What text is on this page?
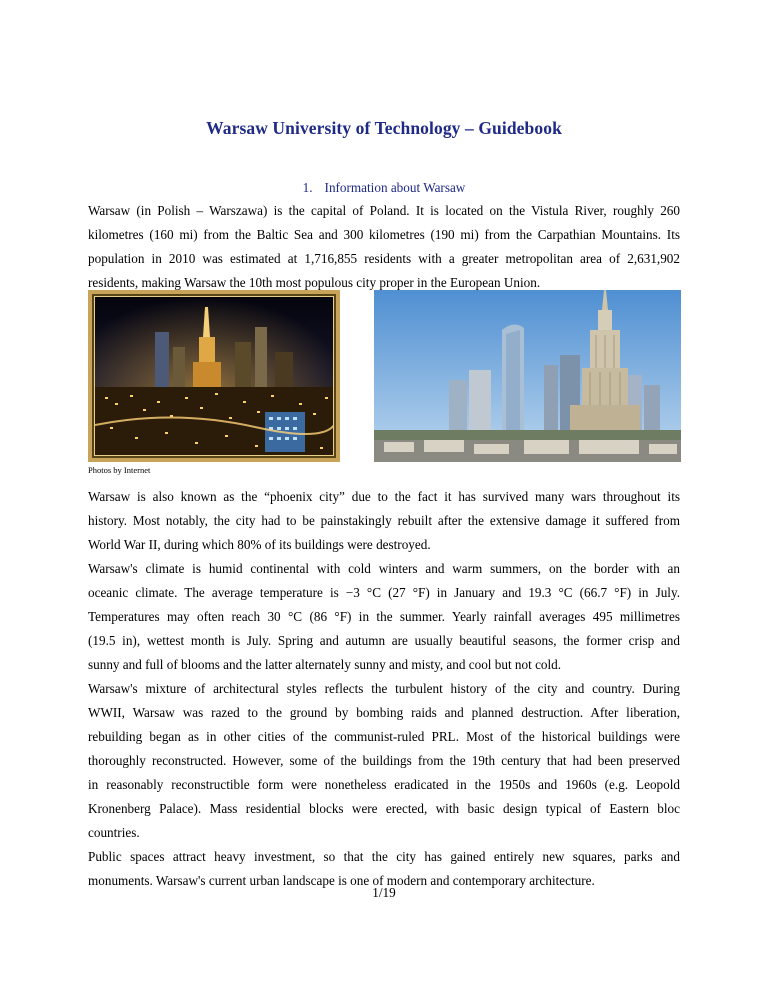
Warsaw University of Technology – Guidebook
1. Information about Warsaw
Warsaw (in Polish – Warszawa) is the capital of Poland. It is located on the Vistula River, roughly 260
kilometres (160 mi) from the Baltic Sea and 300 kilometres (190 mi) from the Carpathian Mountains. Its
population in 2010 was estimated at 1,716,855 residents with a greater metropolitan area of 2,631,902
residents, making Warsaw the 10th most populous city proper in the European Union.
Photos by Internet
Warsaw is also known as the “phoenix city” due to the fact it has survived many wars throughout its
history. Most notably, the city had to be painstakingly rebuilt after the extensive damage it suffered from
World War II, during which 80% of its buildings were destroyed.
Warsaw's climate is humid continental with cold winters and warm summers, on the border with an
oceanic climate. The average temperature is −3 °C (27 °F) in January and 19.3 °C (66.7 °F) in July.
Temperatures may often reach 30 °C (86 °F) in the summer. Yearly rainfall averages 495 millimetres
(19.5 in), wettest month is July. Spring and autumn are usually beautiful seasons, the former crisp and
sunny and full of blooms and the latter alternately sunny and misty, and cool but not cold.
Warsaw's mixture of architectural styles reflects the turbulent history of the city and country. During
WWII, Warsaw was razed to the ground by bombing raids and planned destruction. After liberation,
rebuilding began as in other cities of the communist-ruled PRL. Most of the historical buildings were
thoroughly reconstructed. However, some of the buildings from the 19th century that had been preserved
in reasonably reconstructible form were nonetheless eradicated in the 1950s and 1960s (e.g. Leopold
Kronenberg Palace). Mass residential blocks were erected, with basic design typical of Eastern bloc
countries.
Public spaces attract heavy investment, so that the city has gained entirely new squares, parks and
monuments. Warsaw's current urban landscape is one of modern and contemporary architecture.
1/19
